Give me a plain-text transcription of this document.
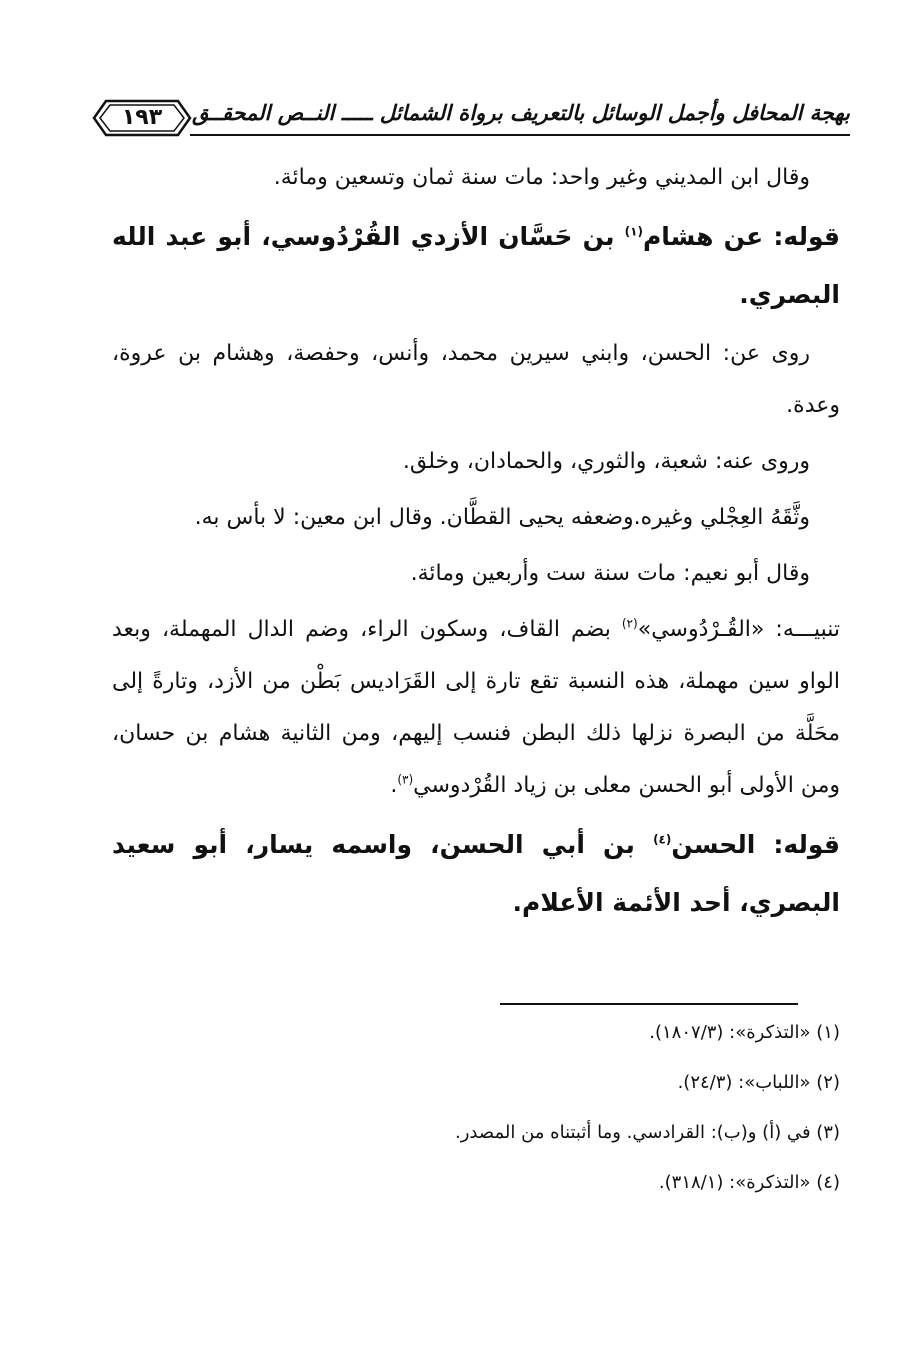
بهجة المحافل وأجمل الوسائل بالتعريف برواة الشمائل ـــــ النــص المحقــق
١٩٣

وقال ابن المديني وغير واحد: مات سنة ثمان وتسعين ومائة.

قوله: عن هشام$^{(١)}$ بن حَسَّان الأزدي القُرْدُوسي، أبو عبد الله البصري.

روى عن: الحسن، وابني سيرين محمد، وأنس، وحفصة، وهشام بن عروة، وعدة.

وروى عنه: شعبة، والثوري، والحمادان، وخلق.

وثَّقَهُ العِجْلي وغيره.وضعفه يحيى القطَّان. وقال ابن معين: لا بأس به.

وقال أبو نعيم: مات سنة ست وأربعين ومائة.

تنبيـــه: «القُـرْدُوسي»$^{(٢)}$ بضم القاف، وسكون الراء، وضم الدال المهملة، وبعد الواو سين مهملة، هذه النسبة تقع تارة إلى القَرَاديس بَطْن من الأزد، وتارةً إلى محَلَّة من البصرة نزلها ذلك البطن فنسب إليهم، ومن الثانية هشام بن حسان، ومن الأولى أبو الحسن معلى بن زياد القُرْدوسي$^{(٣)}$.

قوله: الحسن$^{(٤)}$ بن أبي الحسن، واسمه يسار، أبو سعيد البصري، أحد الأئمة الأعلام.

(١) «التذكرة»: (١٨٠٧/٣).
(٢) «اللباب»: (٢٤/٣).
(٣) في (أ) و(ب): القرادسي. وما أثبتناه من المصدر.
(٤) «التذكرة»: (٣١٨/١).
